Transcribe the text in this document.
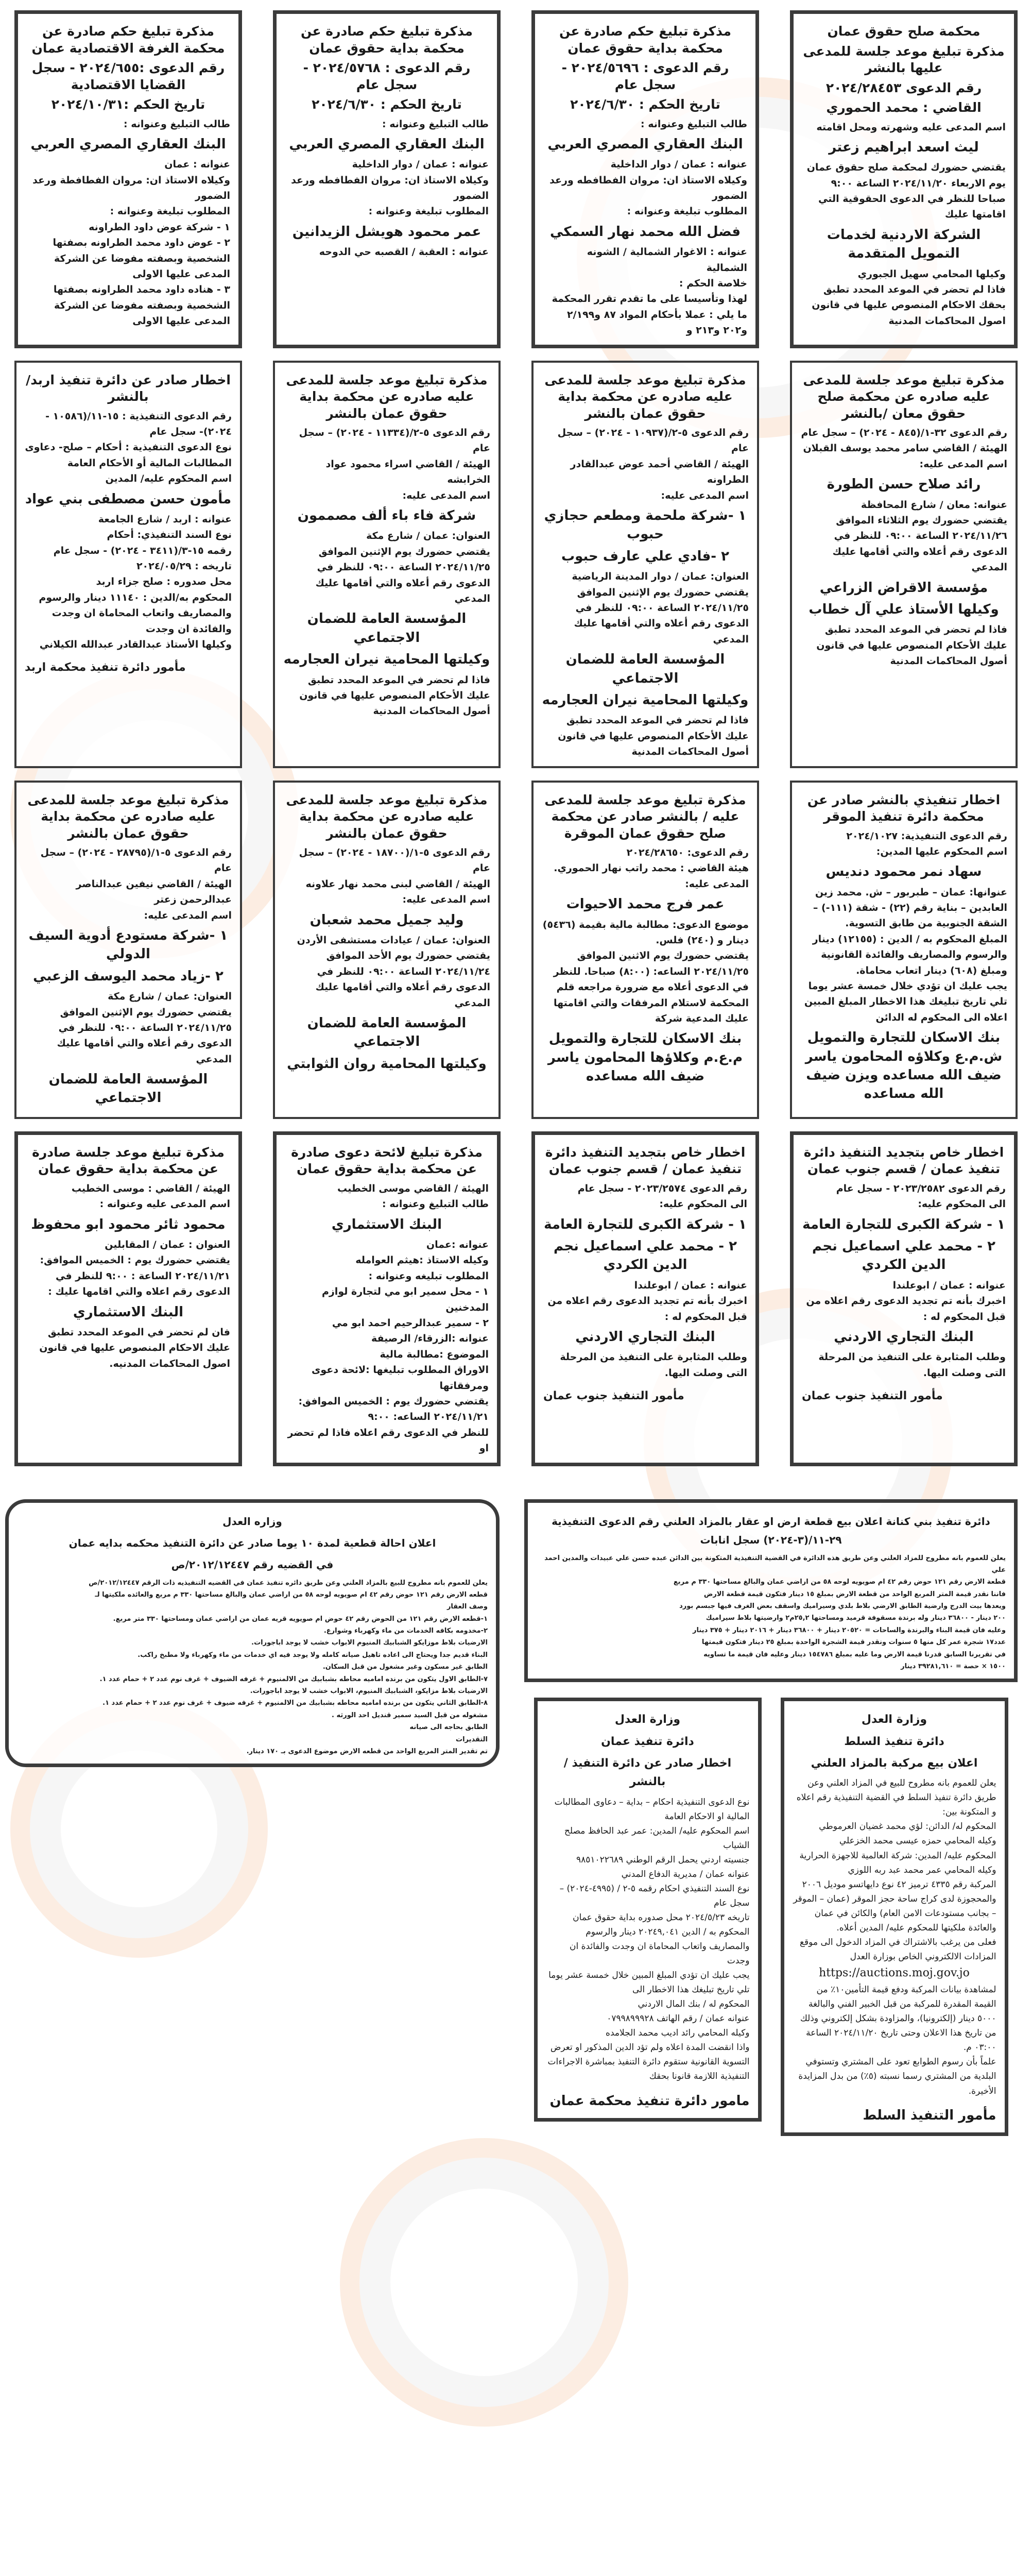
محكمة صلح حقوق عمان
مذكرة تبليغ موعد جلسة للمدعى عليها بالنشر
رقم الدعوى ٢٠٢٤/٢٨٤٥٣
القاضي : محمد الحموري
اسم المدعى عليه وشهرته ومحل اقامته
ليث اسعد ابراهيم زعتر
يقتضي حضورك لمحكمة صلح حقوق عمان يوم الاربعاء ٢٠٢٤/١١/٢٠ الساعة ٩:٠٠ صباحا للنظر في الدعوى الحقوقية التي اقامتها عليك
الشركة الاردنية لخدمات التمويل المتقدمة
وكيلها المحامي سهيل الجبوري
فاذا لم تحضر في الموعد المحدد تطبق بحقك الاحكام المنصوص عليها في قانون اصول المحاكمات المدنية
مذكرة تبليغ حكم صادرة عن محكمة بداية حقوق عمان
رقم الدعوى : ٢٠٢٤/٥٦٩٦ - سجل عام
تاريخ الحكم : ٢٠٢٤/٦/٣٠
طالب التبليغ وعنوانه :
البنك العقاري المصري العربي
عنوانه : عمان / دوار الداخلية
وكيلاه الاستاذ ان: مروان الفطافطه ورعد الضمور
المطلوب تبليغة وعنوانه :
فضل الله محمد نهار السمكي
عنوانه : الاغوار الشمالية / الشونه الشمالية
خلاصة الحكم :
لهذا وتأسيسا على ما تقدم تقرر المحكمة ما يلي : عملا بأحكام المواد ٨٧ و٢/١٩٩ و٢٠٢ و٢١٣ و
مذكرة تبليغ حكم صادرة عن محكمة بداية حقوق عمان
رقم الدعوى : ٢٠٢٤/٥٧٦٨ - سجل عام
تاريخ الحكم : ٢٠٢٤/٦/٣٠
طالب التبليغ وعنوانه :
البنك العقاري المصري العربي
عنوانه : عمان / دوار الداخلية
وكيلاه الاستاذ ان: مروان الفطافطه ورعد الضمور
المطلوب تبليغة وعنوانه :
عمر محمود هويشل الزيدانين
عنوانه : العقبة / القصبه حي الدوحه
مذكرة تبليغ حكم صادرة عن محكمة الغرفة الاقتصادية عمان
رقم الدعوى :٢٠٢٤/٦٥٥ - سجل القضايا الاقتصادية
تاريخ الحكم :٢٠٢٤/١٠/٣١
طالب التبليغ وعنوانه :
البنك العقاري المصري العربي
عنوانه : عمان
وكيلاه الاستاذ ان: مروان الفطافطة ورعد الضمور
المطلوب تبليغة وعنوانه :
١ - شركة عوض داود الطراونه
٢ - عوض داود محمد الطراونه بصفتها الشخصية وبصفته مفوضا عن الشركة المدعى عليها الاولى
٣ - هناده داود محمد الطراونه بصفتها الشخصية وبصفته مفوضا عن الشركة المدعى عليها الاولى
مذكرة تبليغ موعد جلسة للمدعى عليه صادره عن محكمة صلح حقوق معان /بالنشر
رقم الدعوى ٣٢-١/(٨٤٥ - ٢٠٢٤) – سجل عام
الهيئة / القاضي سامر محمد يوسف القبلان
اسم المدعى عليه:
رائد صلاح حسن الطورة
عنوانه: معان / شارع المحافظة
يقتضي حضورك يوم الثلاثاء الموافق ٢٠٢٤/١١/٢٦ الساعة ٠٩:٠٠ للنظر في الدعوى رقم أعلاه والتي أقامها عليك المدعي
مؤسسة الاقراض الزراعي
وكيلها الأستاذ علي آل خطاب
فاذا لم تحضر في الموعد المحدد تطبق عليك الأحكام المنصوص عليها في قانون أصول المحاكمات المدنية
مذكرة تبليغ موعد جلسة للمدعى عليه صادره عن محكمة بداية حقوق عمان بالنشر
رقم الدعوى ٥-٢/(١٠٩٣٧ - ٢٠٢٤) – سجل عام
الهيئة / القاضي أحمد عوض عبدالقادر الطراونه
اسم المدعى عليه:
١ -شركة ملحمة ومطعم حجازي حبوب
٢ -فادي علي عارف حبوب
العنوان: عمان / دوار المدينة الرياضية
يقتضي حضورك يوم الإثنين الموافق ٢٠٢٤/١١/٢٥ الساعة ٠٩:٠٠ للنظر في الدعوى رقم أعلاه والتي أقامها عليك المدعي
المؤسسة العامة للضمان الاجتماعي
وكيلتها المحامية نيران العجارمه
فاذا لم تحضر في الموعد المحدد تطبق عليك الأحكام المنصوص عليها في قانون أصول المحاكمات المدنية
مذكرة تبليغ موعد جلسة للمدعى عليه صادره عن محكمة بداية حقوق عمان بالنشر
رقم الدعوى ٥-٢/(١١٣٣٤ - ٢٠٢٤) – سجل عام
الهيئة / القاضي اسراء محمود عواد الخرابشه
اسم المدعى عليه:
شركة فاء باء ألف مصممون
العنوان: عمان / شارع مكة
يقتضي حضورك يوم الإثنين الموافق ٢٠٢٤/١١/٢٥ الساعة ٠٩:٠٠ للنظر في الدعوى رقم أعلاه والتي أقامها عليك المدعي
المؤسسة العامة للضمان الاجتماعي
وكيلتها المحامية نيران العجارمه
فاذا لم تحضر في الموعد المحدد تطبق عليك الأحكام المنصوص عليها في قانون أصول المحاكمات المدنية
اخطار صادر عن دائرة تنفيذ اربد/ بالنشر
رقم الدعوى التنفيذية : ١٥-١١/(١٠٥٨٦ - ٢٠٢٤)- سجل عام
نوع الدعوى التنفيذية : أحكام – صلح- دعاوى المطالبات المالية أو الأحكام العامة
اسم المحكوم عليه/ المدين
مأمون حسن مصطفى بني عواد
عنوانه : اربد / شارع الجامعة
نوع السند التنفيذي: أحكام
رقمه ١٥-٣/(٣٤١١ - ٢٠٢٤) - سجل عام
تاريخه : ٢٠٢٤/٠٥/٢٩
محل صدوره : صلح جزاء اربد
المحكوم به/الدين : ١١١٤٠ دينار والرسوم والمصاريف واتعاب المحاماة ان وجدت والفائدة ان وجدت
وكيلها الأستاذ عبدالقادر عبدالله الكيلاني
مأمور دائرة تنفيذ محكمة اربد
اخطار تنفيذي بالنشر صادر عن محكمة دائرة تنفيذ الموقر
رقم الدعوى التنفيذية: ٢٠٢٤/١٠٢٧
اسم المحكوم عليها المدين:
سهاد نمر محمود دنديس
عنوانها: عمان – طبربور – ش. محمد زين العابدين – بناية رقم (٢٢) - شقة (١١١-) – الشقة الجنوبية من طابق التسوية.
المبلغ المحكوم به / الدين : (١٢١٥٥) دينار والرسوم والمصاريف والفائدة القانونية ومبلغ (٦٠٨) دينار اتعاب محاماة.
يجب عليك ان تؤدي خلال خمسة عشر يوما تلي تاريخ تبليغك هذا الاخطار المبلغ المبين اعلاه الى المحكوم له الدائن
بنك الاسكان للتجارة والتمويل ش.م.ع وكلاؤه المحامون ياسر ضيف الله مساعده ويزن ضيف الله مساعده
مذكرة تبليغ موعد جلسة للمدعى عليه / بالنشر صادر عن محكمة صلح حقوق عمان الموقرة
رقم الدعوى: ٢٠٢٤/٢٨٦٥٠
هيئة القاضي : محمد راتب نهار الحموري.
المدعى عليه:
عمر فرج محمد الاحيوات
موضوع الدعوى: مطالبة مالية بقيمة (٥٤٣٦) دينار و (٢٤٠) فلس.
يقتضي حضورك يوم الاثنين الموافق ٢٠٢٤/١١/٢٥ الساعه: (٨:٠٠) صباحا. للنظر في الدعوى أعلاه مع ضرورة مراجعه قلم المحكمة لاستلام المرفقات والتي اقامتها عليك المدعية شركة
بنك الاسكان للتجارة والتمويل م.ع.م وكلاؤها المحامون ياسر ضيف الله مساعده
مذكرة تبليغ موعد جلسة للمدعى عليه صادره عن محكمة بداية حقوق عمان بالنشر
رقم الدعوى ٥-١/(١٨٧٠٠ - ٢٠٢٤) – سجل عام
الهيئة / القاضي لبنى محمد نهار علاونه
اسم المدعى عليه:
وليد جميل محمد شعبان
العنوان: عمان / عيادات مستشفى الأردن
يقتضي حضورك يوم الأحد الموافق ٢٠٢٤/١١/٢٤ الساعة ٠٩:٠٠ للنظر في الدعوى رقم أعلاه والتي أقامها عليك المدعي
المؤسسة العامة للضمان الاجتماعي
وكيلتها المحامية روان الثوابتي
مذكرة تبليغ موعد جلسة للمدعى عليه صادره عن محكمة بداية حقوق عمان بالنشر
رقم الدعوى ٥-١/(٢٨٧٩٥ - ٢٠٢٤) – سجل عام
الهيئة / القاضي نيفين عبدالناصر عبدالرحمن زعتر
اسم المدعى عليه:
١ -شركة مستودع أدوية السيف الدولي
٢ -زياد محمد اليوسف الزعبي
العنوان: عمان / شارع مكة
يقتضي حضورك يوم الإثنين الموافق ٢٠٢٤/١١/٢٥ الساعة ٠٩:٠٠ للنظر في الدعوى رقم أعلاه والتي أقامها عليك المدعي
المؤسسة العامة للضمان الاجتماعي
اخطار خاص بتجديد التنفيذ دائرة تنفيذ عمان / قسم جنوب عمان
رقم الدعوى ٢٠٢٣/٢٥٨٢ - سجل عام
الى المحكوم عليه:
١ - شركة الكبرى للتجارة العامة
٢ - محمد علي اسماعيل نجم الدين الكردي
عنوانه : عمان / ابوعلندا
اخبرك بأنه تم تجديد الدعوى رقم اعلاه من قبل المحكوم له :
البنك التجاري الاردني
وطلب المثابرة على التنفيذ من المرحلة التى وصلت اليها.
مأمور التنفيذ جنوب عمان
اخطار خاص بتجديد التنفيذ دائرة تنفيذ عمان / قسم جنوب عمان
رقم الدعوى ٢٠٢٣/٢٥٧٤ - سجل عام
الى المحكوم عليه:
١ - شركة الكبرى للتجارة العامة
٢ - محمد علي اسماعيل نجم الدين الكردي
عنوانه : عمان / ابوعلندا
اخبرك بأنه تم تجديد الدعوى رقم اعلاه من قبل المحكوم له :
البنك التجاري الاردني
وطلب المثابرة على التنفيذ من المرحلة التى وصلت اليها.
مأمور التنفيذ جنوب عمان
مذكرة تبليغ لائحة دعوى صادرة عن محكمة بداية حقوق عمان
الهيئة / القاضي موسى الخطيب
طالب التبليغ وعنوانه :
البنك الاستثماري
عنوانه :عمان
وكيله الاستاذ :هيثم العوامله
المطلوب تبليغه وعنوانه :
١ - محل سمير ابو مي لتجارة لوازم المدخنين
٢ - سمير عبدالرحيم احمد ابو مي
عنوانه :الزرقاء/ الرصيفة
الموضوع :مطالبة مالية
الاوراق المطلوب تبليغها :لائحة دعوى ومرفقاتها
يقتضي حضورك يوم : الخميس الموافق: ٢٠٢٤/١١/٢١ الساعه: ٩:٠٠
للنظر في الدعوى رقم اعلاه فاذا لم تحضر او
مذكرة تبليغ موعد جلسة صادرة عن محكمة بداية حقوق عمان
الهيئة / القاضي : موسى الخطيب
اسم المدعى عليه وعنوانه :
محمود ثائر محمود ابو محفوظ
العنوان : عمان / المقابلين
يقتضي حضورك يوم : الخميس الموافق: ٢٠٢٤/١١/٢١ الساعة : ٩:٠٠ للنظر في الدعوى رقم اعلاه والتي اقامها عليك :
البنك الاستثماري
فان لم تحضر في الموعد المحدد تطبق عليك الاحكام المنصوص عليها في قانون اصول المحاكمات المدنيه.
دائرة تنفيذ بني كنانة اعلان بيع قطعة ارض او عقار بالمزاد العلني رقم الدعوى التنفيذية ٢٩-١١/(٣-٢٠٢٤) سجل انابات
يعلن للعموم بانه مطروح للمزاد العلني وعن طريق هذه الدائرة في القضية التنفيذية المتكونة بين الدائن عبده حسن علي عبيدات والمدين احمد علي
قطعة الارض رقم ١٢١ حوض رقم ٤٢ ام صويويه لوحه ٥٨ من اراضي عمان والبالغ مساحتها ٣٣٠ م مربع
فاننا نقدر قيمة المتر المربع الواحد من قطعة الارض بمبلغ ١٥ دينار فتكون قيمة قطعة الارض
ويعدها بيت الدرج وارضية الطابق الارضي بلاط بلدي وسيراميك واسقف بعض الغرف فيها جبسم بورد
٢٠٠ دينار - ٣٦٨٠٠ دينار وله برندة مسقوفة قرميد ومساحتها ٢٥,٢م٢ وارضيتها بلاط سيراميك
وعليه فان قيمة البناء والبرندة والساحات = ٢٠٥٢٠ دينار + ٣٦٨٠٠ دينار + ٢٠١٦ دينار + ٣٧٥ دينار
عدد١٧ شجرة عمر كل منها ٥ سنوات ونقدر قيمة الشجرة الواحدة بمبلغ ٢٥ دينار فتكون قيمتها
في تقريرنا السابق قدرنا قيمة الارض وما عليه بمبلغ ١٥٤٧٨٦ دينار وعليه فان قيمة ما تساويه
١٥٠٠ × حصة = ٣٩٢٨١,٦١٠ دينار
وزارة العدل
دائرة تنفيذ السلط
اعلان بيع مركبة بالمزاد العلني
يعلن للعموم بانه مطروح للبيع في المزاد العلني وعن طريق دائرة تنفيذ السلط في القضية التنفيذية رقم اعلاه و المتكونة بين:
المحكوم له/ الدائن: لؤي محمد غضيان العرموطي
وكيله المحامي حمزه عيسى محمد الخزعلي
المحكوم عليه/ المدين: شركة العالمية للاجهزة الحرارية
وكيله المحامي عمر محمد عبد ربه اللوزي
المركبة رقم ٤٣٣٥ ترميز ٤٢ نوع دايهاتسو موديل ٢٠٠٦ والمحجوزة لدى كراج ساحة حجز الموقر (عمان – الموقر – بجانب مستودعات الامن العام) والكائن في عمان والعائدة ملكيتها للمحكوم عليه/ المدين أعلاه.
فعلى من يرغب بالاشتراك في المزاد الدخول الى موقع المزادات الالكتروني الخاص بوزارة العدل
https://auctions.moj.gov.jo
لمشاهدة بيانات المركبة ودفع قيمة التأمين١٠٪ من القيمة المقدرة للمركبة من قبل الخبير الفني والبالغة ٥٠٠٠ دينار (إلكترونيا)، والمزاودة بشكل إلكتروني وذلك من تاريخ هذا الاعلان وحتى تاريخ ٢٠٢٤/١١/٢٠ الساعة ٠٣:٠٠ م.
علماً بأن رسوم الطوابع تعود على المشتري وتستوفي البلدية من المشتري رسما نسبته (٥٪) من بدل المزايدة الأخيرة.
مأمور التنفيذ السلط
وزارة العدل
دائرة تنفيذ عمان
اخطار صادر عن دائرة التنفيذ / بالنشر
نوع الدعوى التنفيذية احكام – بداية – دعاوى المطالبات المالية او الاحكام العامة
اسم المحكوم عليه/ المدين: عمر عبد الحافظ مصلح الشياب
جنسيته اردني يحمل الرقم الوطني ٩٨٥١٠٢٢٦٨٩
عنوانه عمان / مديرية الدفاع المدني
نوع السند التنفيذي احكام رقمه ٥-٢ / (٤٩٩٥-٢٠٢٤) – سجل عام
تاريخه ٢٠٢٤/٥/٢٣ محل صدوره بداية حقوق عمان
المحكوم به / الدين ٢٠٢٤٩,٠٤١ دينار والرسوم والمصاريف واتعاب المحاماة ان وجدت والفائدة ان وجدت
يجب عليك ان تؤدي المبلغ المبين خلال خمسة عشر يوما تلي تاريخ تبليغك هذا الاخطار الى
المحكوم له / بنك المال الاردني
عنوانه عمان / رقم الهاتف ٠٧٩٩٨٩٩٩٢٨
وكيله المحامي رائد اديب محمد الجلامده
واذا انقضت المدة اعلاه ولم تؤد الدين المذكور او تعرض التسوية القانونية ستقوم دائرة التنفيذ بمباشرة الاجراءات التنفيذية اللازمة قانونا بحقك
مامور دائرة تنفيذ محكمة عمان
وزاره العدل
اعلان احالة قطعية لمدة ١٠ يوما صادر عن دائرة التنفيذ محكمه بدايه عمان
في القضيه رقم ٢٠١٢/١٢٤٤٧/ص
يعلن للعموم بانه مطروح للبيع بالمزاد العلني وعن طريق دائره تنفيذ عمان في القضيه التنفيذيه ذات الرقم ٢٠١٢/١٢٤٤٧/ص
قطعه الارض رقم ١٢١ حوض رقم ٤٢ ام صويويه لوحه ٥٨ من اراضي عمان والبالغ مساحتها ٣٣٠ م مربع والعائده ملكيتها لـ
وصف العقار
١-قطعه الارض رقم ١٢١ من الحوض رقم ٤٢ حوض ام صويويه قريه عمان من اراضي عمان ومساحتها ٣٣٠ متر مربع.
٢-مخدومه بكافه الخدمات من ماء وكهرباء وشوارع.
الارضيات بلاط موزايكو الشبابيك المنيوم الابواب خشب لا يوجد اباجورات.
البناء قديم جدا ويحتاج الى اعاده تاهيل صيانه كامله ولا يوجد فيه اي خدمات من ماء وكهرباء ولا مطبخ راكب.
الطابق غير مسكون وغير مشغول من قبل السكان.
٧-الطابق الاول يتكون من برنده اماميه محاطه بشبابيك من الالمنيوم + غرفه الضيوف + غرف نوم عدد ٢ + حمام عدد ١.
الارضيات بلاط مزايكو، الشبابيك المنيوم، الابواب خشب لا يوجد اباجورات.
٨-الطابق الثاني يتكون من برنده اماميه محاطه بشبابيك من الالمنيوم + غرفه ضيوف + غرف نوم عدد ٢ + حمام عدد ١.
مشغوله من قبل السيد سمير قنديل احد الورثه .
الطابق بحاجه الى صيانه
التقديرات
تم تقدير المتر المربع الواحد من قطعه الارض موضوع الدعوى بـ ١٧٠ دينار.
